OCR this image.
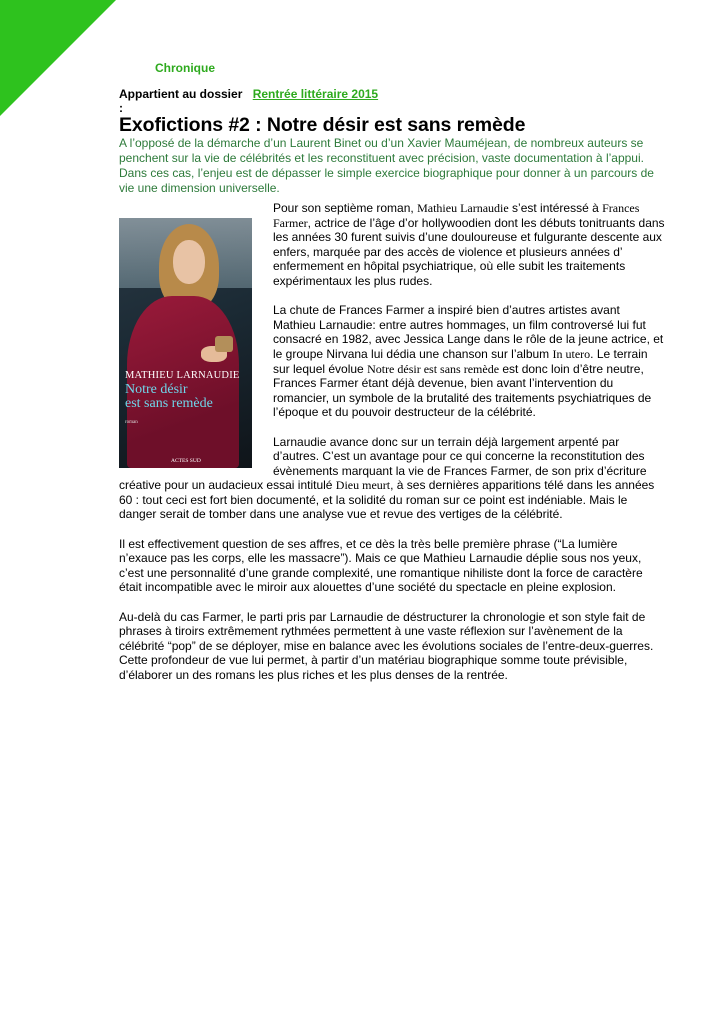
Chronique
Appartient au dossier Rentrée littéraire 2015
:
Exofictions #2 : Notre désir est sans remède

A l’opposé de la démarche d’un Laurent Binet ou d’un Xavier Mauméjean, de nombreux auteurs se penchent sur la vie de célébrités et les reconstituent avec précision, vaste documentation à l’appui. Dans ces cas, l’enjeu est de dépasser le simple exercice biographique pour donner à un parcours de vie une dimension universelle.

MATHIEU LARNAUDIE
Notre désir
est sans remède
roman
ACTES SUD

Pour son septième roman, Mathieu Larnaudie s’est intéressé à Frances Farmer, actrice de l’âge d’or hollywoodien dont les débuts tonitruants dans les années 30 furent suivis d’une douloureuse et fulgurante descente aux enfers, marquée par des accès de violence et plusieurs années d’ enfermement en hôpital psychiatrique, où elle subit les traitements expérimentaux les plus rudes.

La chute de Frances Farmer a inspiré bien d’autres artistes avant Mathieu Larnaudie: entre autres hommages, un film controversé lui fut consacré en 1982, avec Jessica Lange dans le rôle de la jeune actrice, et le groupe Nirvana lui dédia une chanson sur l’album In utero. Le terrain sur lequel évolue Notre désir est sans remède est donc loin d’être neutre, Frances Farmer étant déjà devenue, bien avant l’intervention du romancier, un symbole de la brutalité des traitements psychiatriques de l’époque et du pouvoir destructeur de la célébrité.

Larnaudie avance donc sur un terrain déjà largement arpenté par d’autres. C’est un avantage pour ce qui concerne la reconstitution des évènements marquant la vie de Frances Farmer, de son prix d’écriture créative pour un audacieux essai intitulé Dieu meurt, à ses dernières apparitions télé dans les années 60 : tout ceci est fort bien documenté, et la solidité du roman sur ce point est indéniable. Mais le danger serait de tomber dans une analyse vue et revue des vertiges de la célébrité.

Il est effectivement question de ses affres, et ce dès la très belle première phrase (“La lumière n’exauce pas les corps, elle les massacre”). Mais ce que Mathieu Larnaudie déplie sous nos yeux, c’est une personnalité d’une grande complexité, une romantique nihiliste dont la force de caractère était incompatible avec le miroir aux alouettes d’une société du spectacle en pleine explosion.

Au-delà du cas Farmer, le parti pris par Larnaudie de déstructurer la chronologie et son style fait de phrases à tiroirs extrêmement rythmées permettent à une vaste réflexion sur l’avènement de la célébrité “pop” de se déployer, mise en balance avec les évolutions sociales de l’entre-deux-guerres. Cette profondeur de vue lui permet, à partir d’un matériau biographique somme toute prévisible, d’élaborer un des romans les plus riches et les plus denses de la rentrée.
